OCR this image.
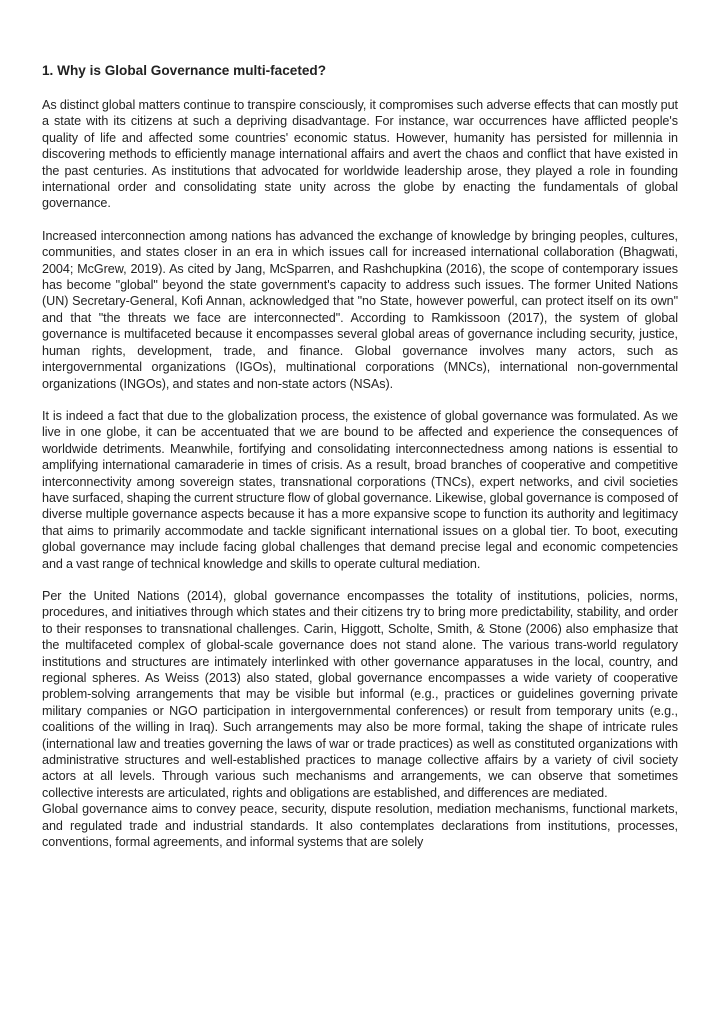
1. Why is Global Governance multi-faceted?

As distinct global matters continue to transpire consciously, it compromises such adverse effects that can mostly put a state with its citizens at such a depriving disadvantage. For instance, war occurrences have afflicted people's quality of life and affected some countries' economic status. However, humanity has persisted for millennia in discovering methods to efficiently manage international affairs and avert the chaos and conflict that have existed in the past centuries. As institutions that advocated for worldwide leadership arose, they played a role in founding international order and consolidating state unity across the globe by enacting the fundamentals of global governance.

Increased interconnection among nations has advanced the exchange of knowledge by bringing peoples, cultures, communities, and states closer in an era in which issues call for increased international collaboration (Bhagwati, 2004; McGrew, 2019). As cited by Jang, McSparren, and Rashchupkina (2016), the scope of contemporary issues has become "global" beyond the state government's capacity to address such issues. The former United Nations (UN) Secretary-General, Kofi Annan, acknowledged that "no State, however powerful, can protect itself on its own" and that "the threats we face are interconnected". According to Ramkissoon (2017), the system of global governance is multifaceted because it encompasses several global areas of governance including security, justice, human rights, development, trade, and finance. Global governance involves many actors, such as intergovernmental organizations (IGOs), multinational corporations (MNCs), international non-governmental organizations (INGOs), and states and non-state actors (NSAs).

It is indeed a fact that due to the globalization process, the existence of global governance was formulated. As we live in one globe, it can be accentuated that we are bound to be affected and experience the consequences of worldwide detriments. Meanwhile, fortifying and consolidating interconnectedness among nations is essential to amplifying international camaraderie in times of crisis. As a result, broad branches of cooperative and competitive interconnectivity among sovereign states, transnational corporations (TNCs), expert networks, and civil societies have surfaced, shaping the current structure flow of global governance. Likewise, global governance is composed of diverse multiple governance aspects because it has a more expansive scope to function its authority and legitimacy that aims to primarily accommodate and tackle significant international issues on a global tier. To boot, executing global governance may include facing global challenges that demand precise legal and economic competencies and a vast range of technical knowledge and skills to operate cultural mediation.

Per the United Nations (2014), global governance encompasses the totality of institutions, policies, norms, procedures, and initiatives through which states and their citizens try to bring more predictability, stability, and order to their responses to transnational challenges. Carin, Higgott, Scholte, Smith, & Stone (2006) also emphasize that the multifaceted complex of global-scale governance does not stand alone. The various trans-world regulatory institutions and structures are intimately interlinked with other governance apparatuses in the local, country, and regional spheres. As Weiss (2013) also stated, global governance encompasses a wide variety of cooperative problem-solving arrangements that may be visible but informal (e.g., practices or guidelines governing private military companies or NGO participation in intergovernmental conferences) or result from temporary units (e.g., coalitions of the willing in Iraq). Such arrangements may also be more formal, taking the shape of intricate rules (international law and treaties governing the laws of war or trade practices) as well as constituted organizations with administrative structures and well-established practices to manage collective affairs by a variety of civil society actors at all levels. Through various such mechanisms and arrangements, we can observe that sometimes collective interests are articulated, rights and obligations are established, and differences are mediated.

Global governance aims to convey peace, security, dispute resolution, mediation mechanisms, functional markets, and regulated trade and industrial standards. It also contemplates declarations from institutions, processes, conventions, formal agreements, and informal systems that are solely
